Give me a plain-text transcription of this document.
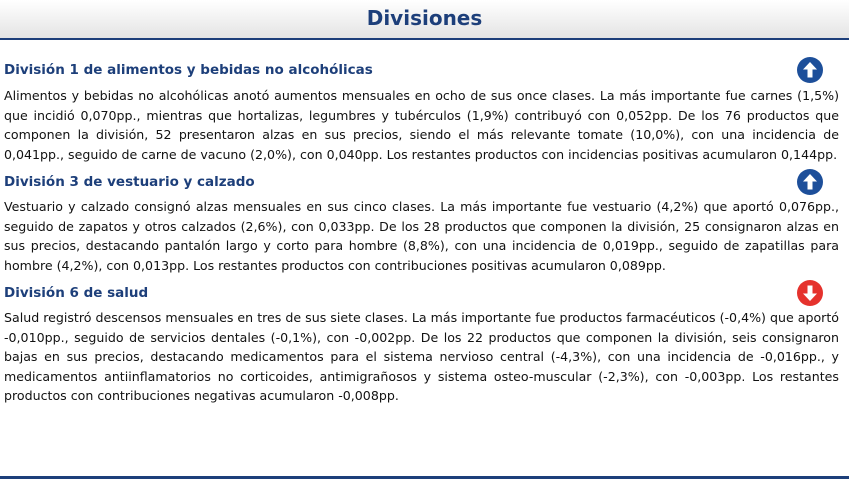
Divisiones
División 1 de alimentos y bebidas no alcohólicas
Alimentos y bebidas no alcohólicas anotó aumentos mensuales en ocho de sus once clases. La más importante fue carnes (1,5%) que incidió 0,070pp., mientras que hortalizas, legumbres y tubérculos (1,9%) contribuyó con 0,052pp. De los 76 productos que componen la división, 52 presentaron alzas en sus precios, siendo el más relevante tomate (10,0%), con una incidencia de 0,041pp., seguido de carne de vacuno (2,0%), con 0,040pp. Los restantes productos con incidencias positivas acumularon 0,144pp.
División 3 de vestuario y calzado
Vestuario y calzado consignó alzas mensuales en sus cinco clases. La más importante fue vestuario (4,2%) que aportó 0,076pp., seguido de zapatos y otros calzados (2,6%), con 0,033pp. De los 28 productos que componen la división, 25 consignaron alzas en sus precios, destacando pantalón largo y corto para hombre (8,8%), con una incidencia de 0,019pp., seguido de zapatillas para hombre (4,2%), con 0,013pp. Los restantes productos con contribuciones positivas acumularon 0,089pp.
División 6 de salud
Salud registró descensos mensuales en tres de sus siete clases. La más importante fue productos farmacéuticos (-0,4%) que aportó -0,010pp., seguido de servicios dentales (-0,1%), con -0,002pp. De los 22 productos que componen la división, seis consignaron bajas en sus precios, destacando medicamentos para el sistema nervioso central (-4,3%), con una incidencia de -0,016pp., y medicamentos antiinflamatorios no corticoides, antimigrañosos y sistema osteo-muscular (-2,3%), con -0,003pp. Los restantes productos con contribuciones negativas acumularon -0,008pp.
